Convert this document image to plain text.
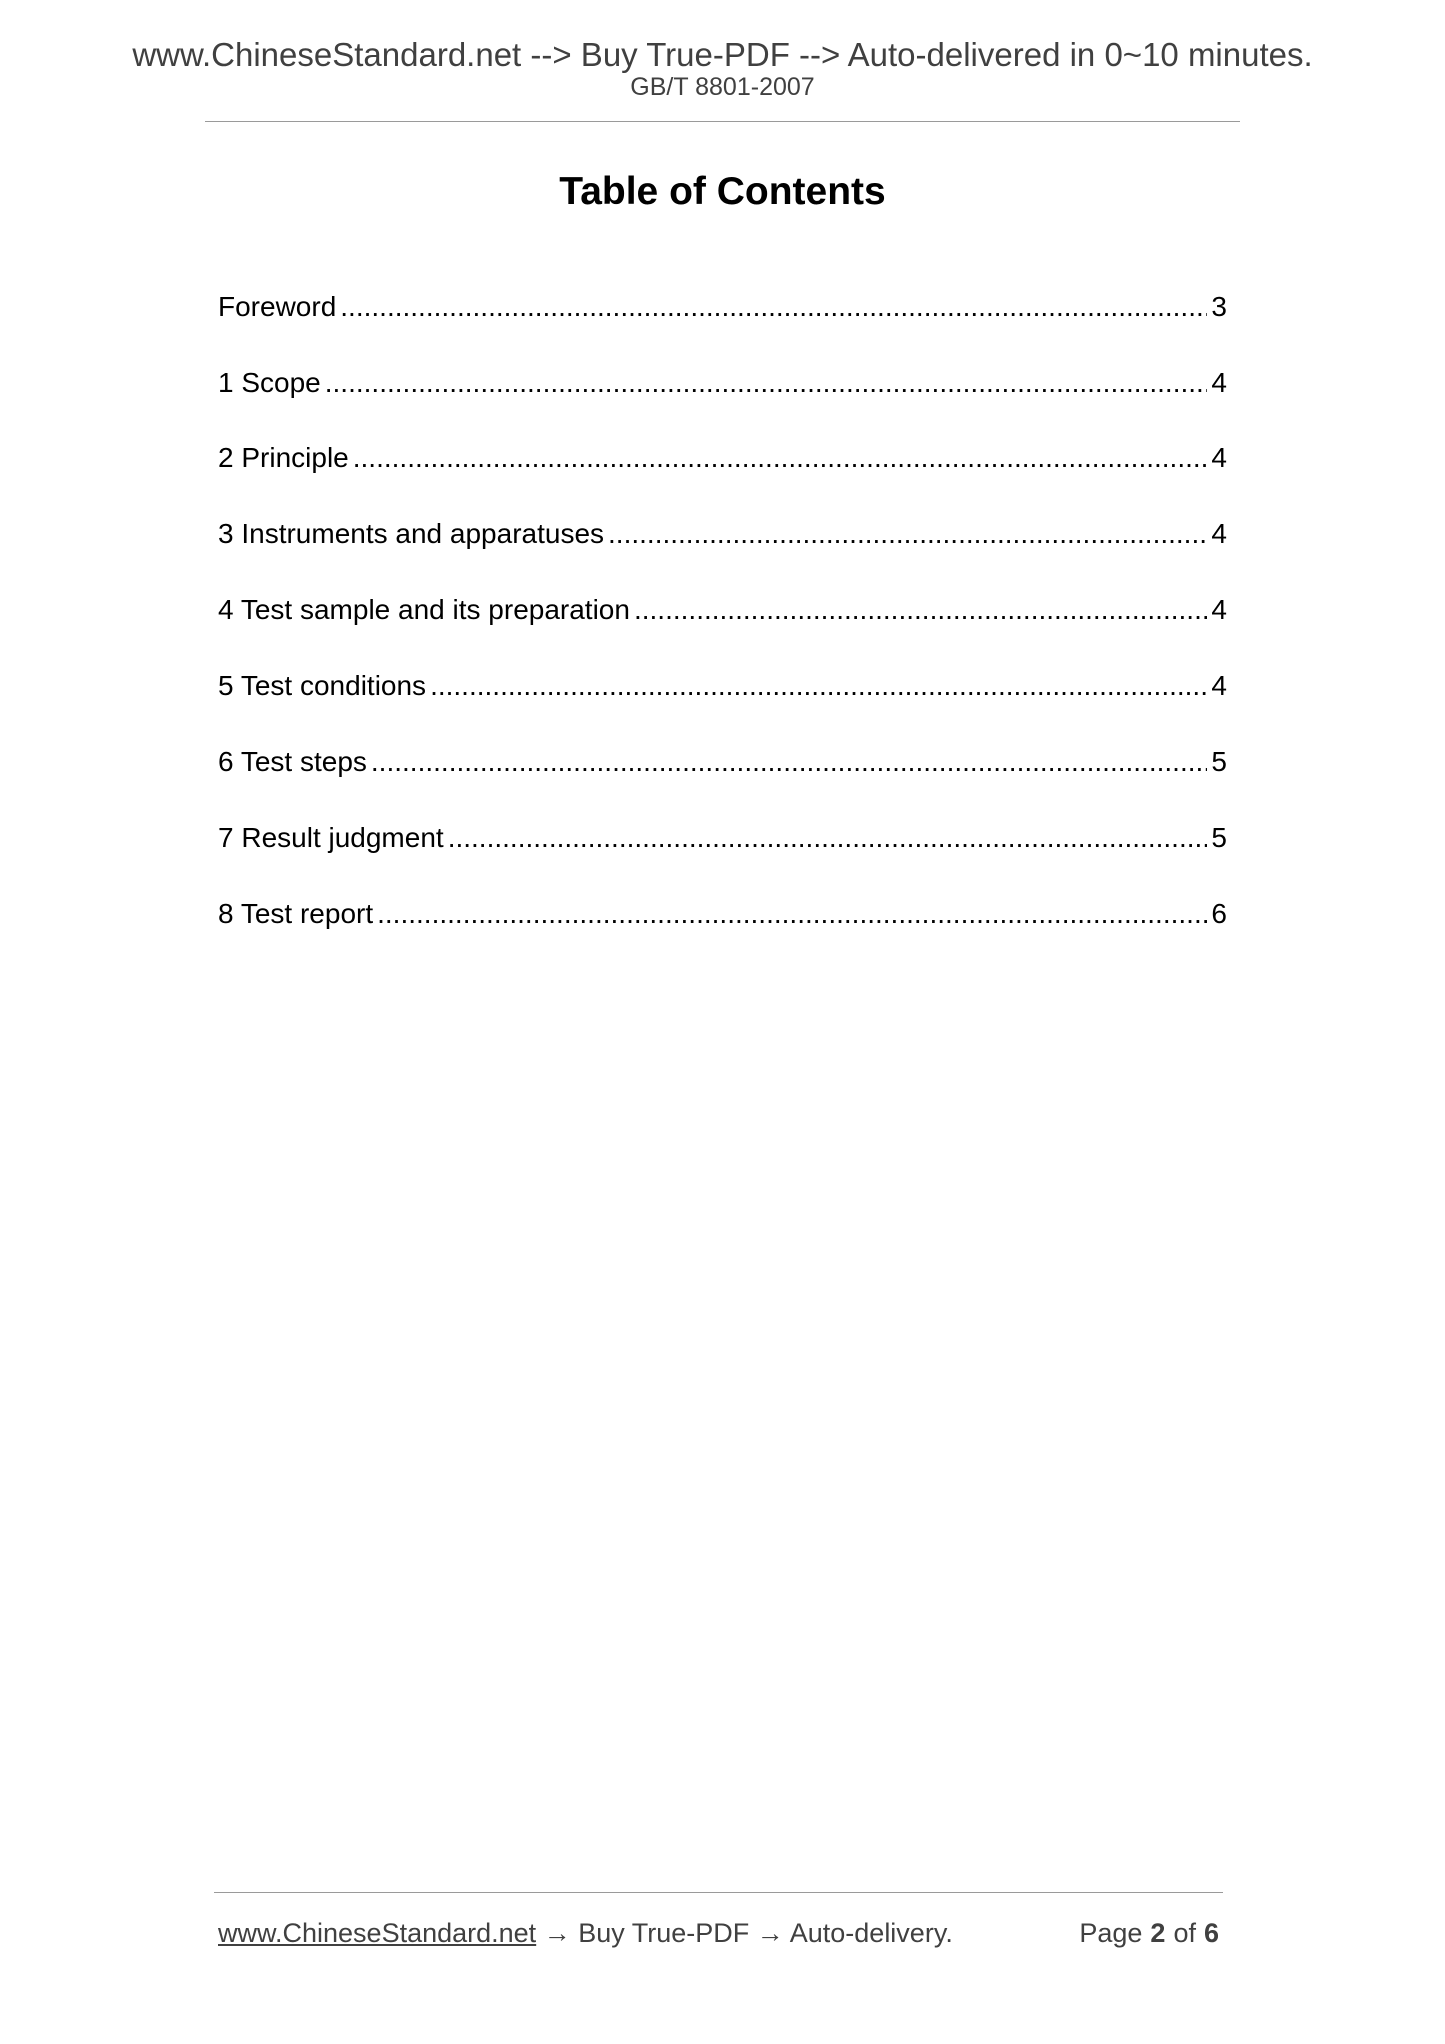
www.ChineseStandard.net --> Buy True-PDF --> Auto-delivered in 0~10 minutes.
GB/T 8801-2007
Table of Contents
Foreword .....	3
1 Scope .....	4
2 Principle .....	4
3 Instruments and apparatuses .....	4
4 Test sample and its preparation .....	4
5 Test conditions .....	4
6 Test steps .....	5
7 Result judgment .....	5
8 Test report .....	6
www.ChineseStandard.net → Buy True-PDF → Auto-delivery.	Page 2 of 6
